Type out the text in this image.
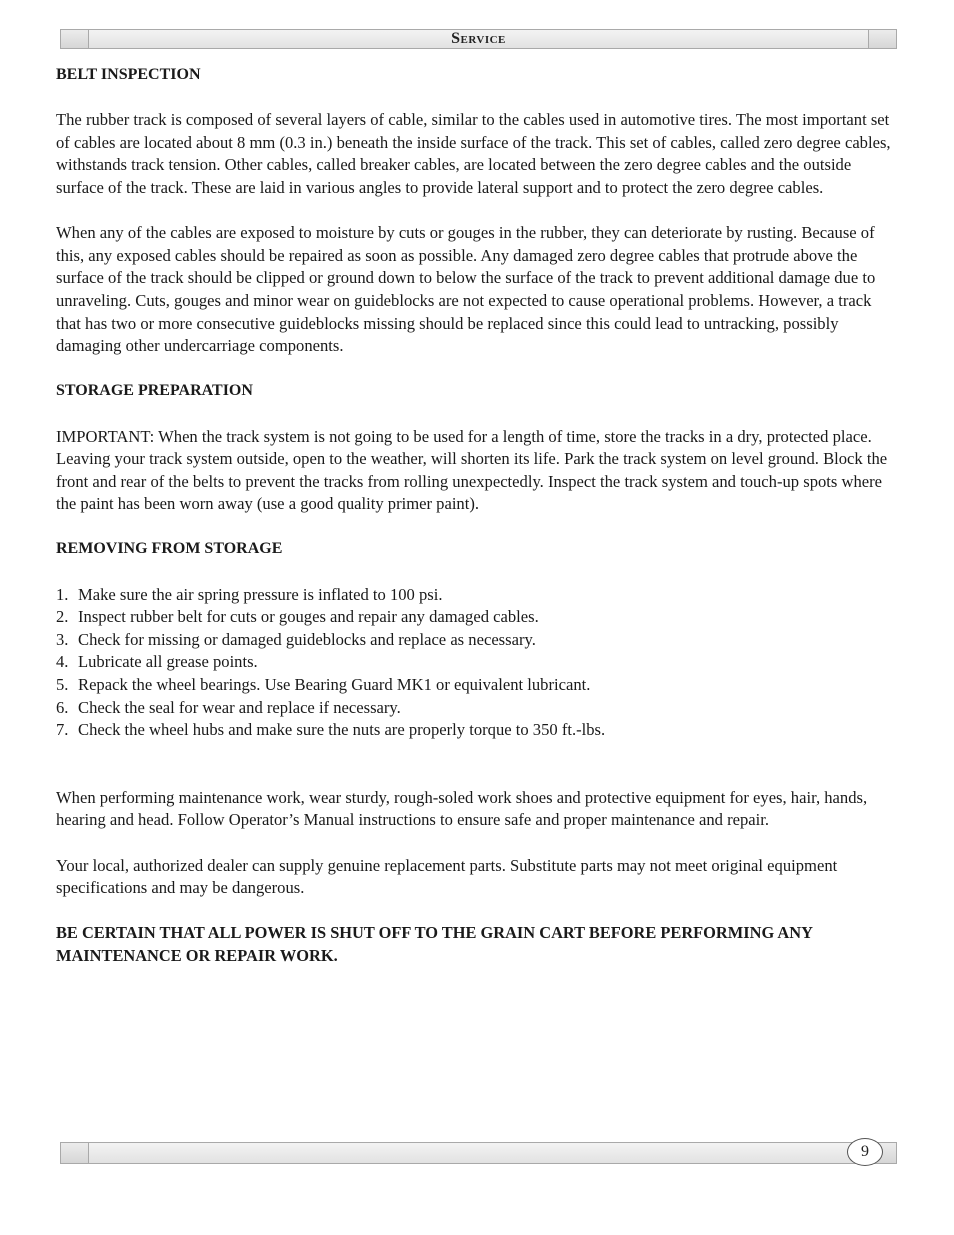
Service

BELT INSPECTION

The rubber track is composed of several layers of cable, similar to the cables used in automotive tires. The most important set of cables are located about 8 mm (0.3 in.) beneath the inside surface of the track. This set of cables, called zero degree cables, withstands track tension. Other cables, called breaker cables, are located between the zero degree cables and the outside surface of the track. These are laid in various angles to provide lateral support and to protect the zero degree cables.

When any of the cables are exposed to moisture by cuts or gouges in the rubber, they can deteriorate by rusting. Because of this, any exposed cables should be repaired as soon as possible. Any damaged zero degree cables that protrude above the surface of the track should be clipped or ground down to below the surface of the track to prevent additional damage due to unraveling. Cuts, gouges and minor wear on guideblocks are not expected to cause operational problems. However, a track that has two or more consecutive guideblocks missing should be replaced since this could lead to untracking, possibly damaging other undercarriage components.

STORAGE PREPARATION

IMPORTANT: When the track system is not going to be used for a length of time, store the tracks in a dry, protected place. Leaving your track system outside, open to the weather, will shorten its life. Park the track system on level ground. Block the front and rear of the belts to prevent the tracks from rolling unexpectedly. Inspect the track system and touch-up spots where the paint has been worn away (use a good quality primer paint).

REMOVING FROM STORAGE

1. Make sure the air spring pressure is inflated to 100 psi.
2. Inspect rubber belt for cuts or gouges and repair any damaged cables.
3. Check for missing or damaged guideblocks and replace as necessary.
4. Lubricate all grease points.
5. Repack the wheel bearings. Use Bearing Guard MK1 or equivalent lubricant.
6. Check the seal for wear and replace if necessary.
7. Check the wheel hubs and make sure the nuts are properly torque to 350 ft.-lbs.

When performing maintenance work, wear sturdy, rough-soled work shoes and protective equipment for eyes, hair, hands, hearing and head. Follow Operator’s Manual instructions to ensure safe and proper maintenance and repair.

Your local, authorized dealer can supply genuine replacement parts. Substitute parts may not meet original equipment specifications and may be dangerous.

BE CERTAIN THAT ALL POWER IS SHUT OFF TO THE GRAIN CART BEFORE PERFORMING ANY MAINTENANCE OR REPAIR WORK.

9
